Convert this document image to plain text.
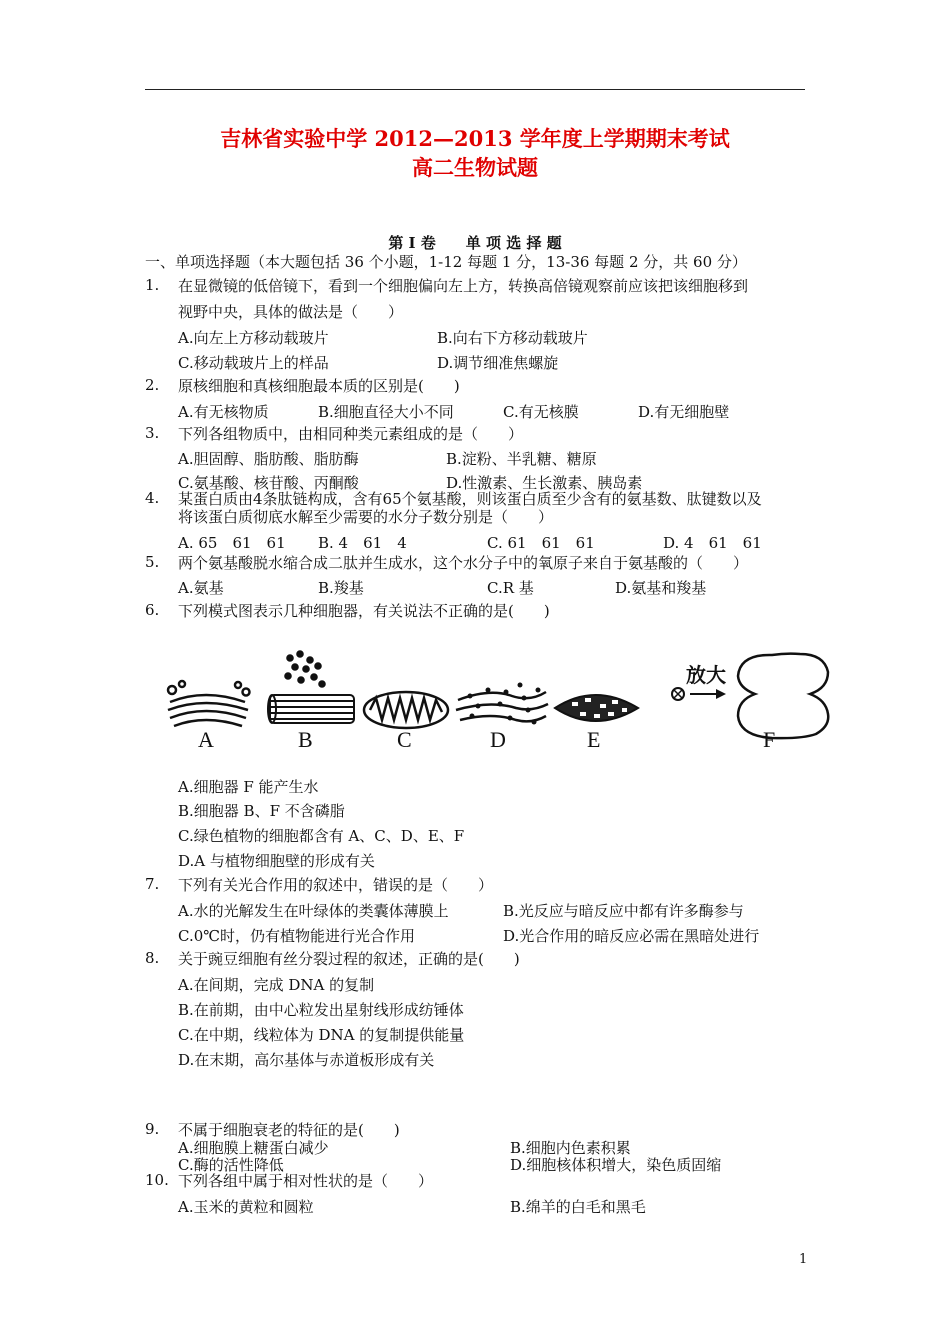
吉林省实验中学 2012—2013 学年度上学期期末考试
高二生物试题
第 Ⅰ 卷　　单 项 选 择 题
一、单项选择题（本大题包括 36 个小题，1-12 每题 1 分，13-36 每题 2 分，共 60 分）
1. 在显微镜的低倍镜下，看到一个细胞偏向左上方，转换高倍镜观察前应该把该细胞移到
视野中央，具体的做法是（　　）
A.向左上方移动载玻片	B.向右下方移动载玻片
C.移动载玻片上的样品	D.调节细准焦螺旋
2. 原核细胞和真核细胞最本质的区别是(　　)
A.有无核物质	B.细胞直径大小不同	C.有无核膜	D.有无细胞壁
3. 下列各组物质中，由相同种类元素组成的是（　　）
A.胆固醇、脂肪酸、脂肪酶	B.淀粉、半乳糖、糖原
C.氨基酸、核苷酸、丙酮酸	D.性激素、生长激素、胰岛素
4. 某蛋白质由4条肽链构成，含有65个氨基酸，则该蛋白质至少含有的氨基数、肽键数以及
将该蛋白质彻底水解至少需要的水分子数分别是（　　）
A. 65　61　61 B. 4　61　4	C. 61　61　61	D. 4　61　61
5. 两个氨基酸脱水缩合成二肽并生成水，这个水分子中的氧原子来自于氨基酸的（　　）
A.氨基	B.羧基	C.R 基	D.氨基和羧基
6. 下列模式图表示几种细胞器，有关说法不正确的是(　　)
放大
A	B	C	D	E	F
A.细胞器 F 能产生水
B.细胞器 B、F 不含磷脂
C.绿色植物的细胞都含有 A、C、D、E、F
D.A 与植物细胞壁的形成有关
7. 下列有关光合作用的叙述中，错误的是（　　）
A.水的光解发生在叶绿体的类囊体薄膜上	B.光反应与暗反应中都有许多酶参与
C.0℃时，仍有植物能进行光合作用	D.光合作用的暗反应必需在黑暗处进行
8. 关于豌豆细胞有丝分裂过程的叙述，正确的是(　　)
A.在间期，完成 DNA 的复制
B.在前期，由中心粒发出星射线形成纺锤体
C.在中期，线粒体为 DNA 的复制提供能量
D.在末期，高尔基体与赤道板形成有关
9. 不属于细胞衰老的特征的是(　　)
A.细胞膜上糖蛋白减少	B.细胞内色素积累
C.酶的活性降低	D.细胞核体积增大，染色质固缩
10. 下列各组中属于相对性状的是（　　）
A.玉米的黄粒和圆粒	B.绵羊的白毛和黑毛
1
